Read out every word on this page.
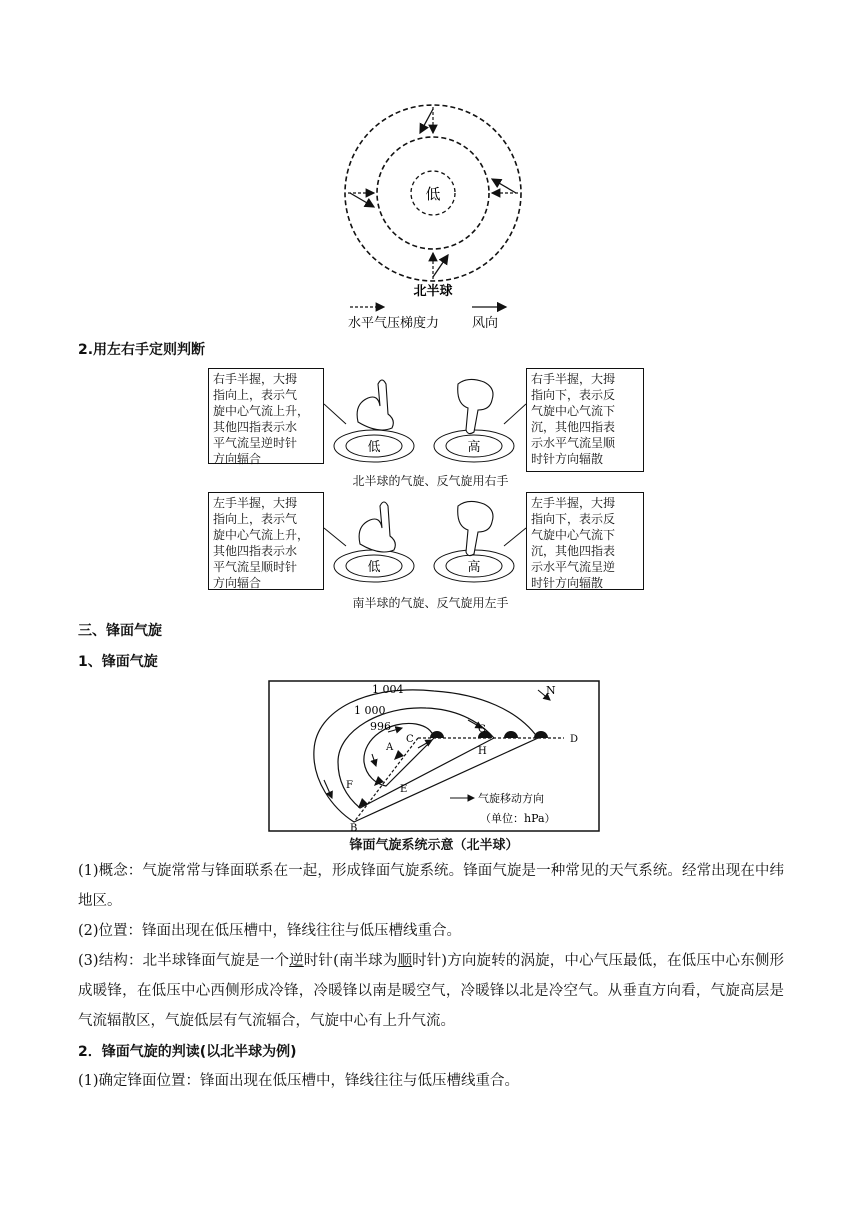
低
北半球
水平气压梯度力	风向
2.用左右手定则判断
右手半握，大拇
指向上，表示气
旋中心气流上升，
其他四指表示水
平气流呈逆时针
方向辐合
右手半握，大拇
指向下，表示反
气旋中心气流下
沉，其他四指表
示水平气流呈顺
时针方向辐散
低	高
北半球的气旋、反气旋用右手
左手半握，大拇
指向上，表示气
旋中心气流上升，
其他四指表示水
平气流呈顺时针
方向辐合
左手半握，大拇
指向下，表示反
气旋中心气流下
沉，其他四指表
示水平气流呈逆
时针方向辐散
低	高
南半球的气旋、反气旋用左手
三、锋面气旋
1、锋面气旋
1 004
1 000
996
N
A
B
C	D
E
F
G
H
气旋移动方向
（单位：hPa）
锋面气旋系统示意（北半球）
(1)概念：气旋常常与锋面联系在一起，形成锋面气旋系统。锋面气旋是一种常见的天气系统。经常出现在中纬地区。
(2)位置：锋面出现在低压槽中，锋线往往与低压槽线重合。
(3)结构：北半球锋面气旋是一个逆时针(南半球为顺时针)方向旋转的涡旋，中心气压最低，在低压中心东侧形成暖锋，在低压中心西侧形成冷锋，冷暖锋以南是暖空气，冷暖锋以北是冷空气。从垂直方向看，气旋高层是气流辐散区，气旋低层有气流辐合，气旋中心有上升气流。
2．锋面气旋的判读(以北半球为例)
(1)确定锋面位置：锋面出现在低压槽中，锋线往往与低压槽线重合。
